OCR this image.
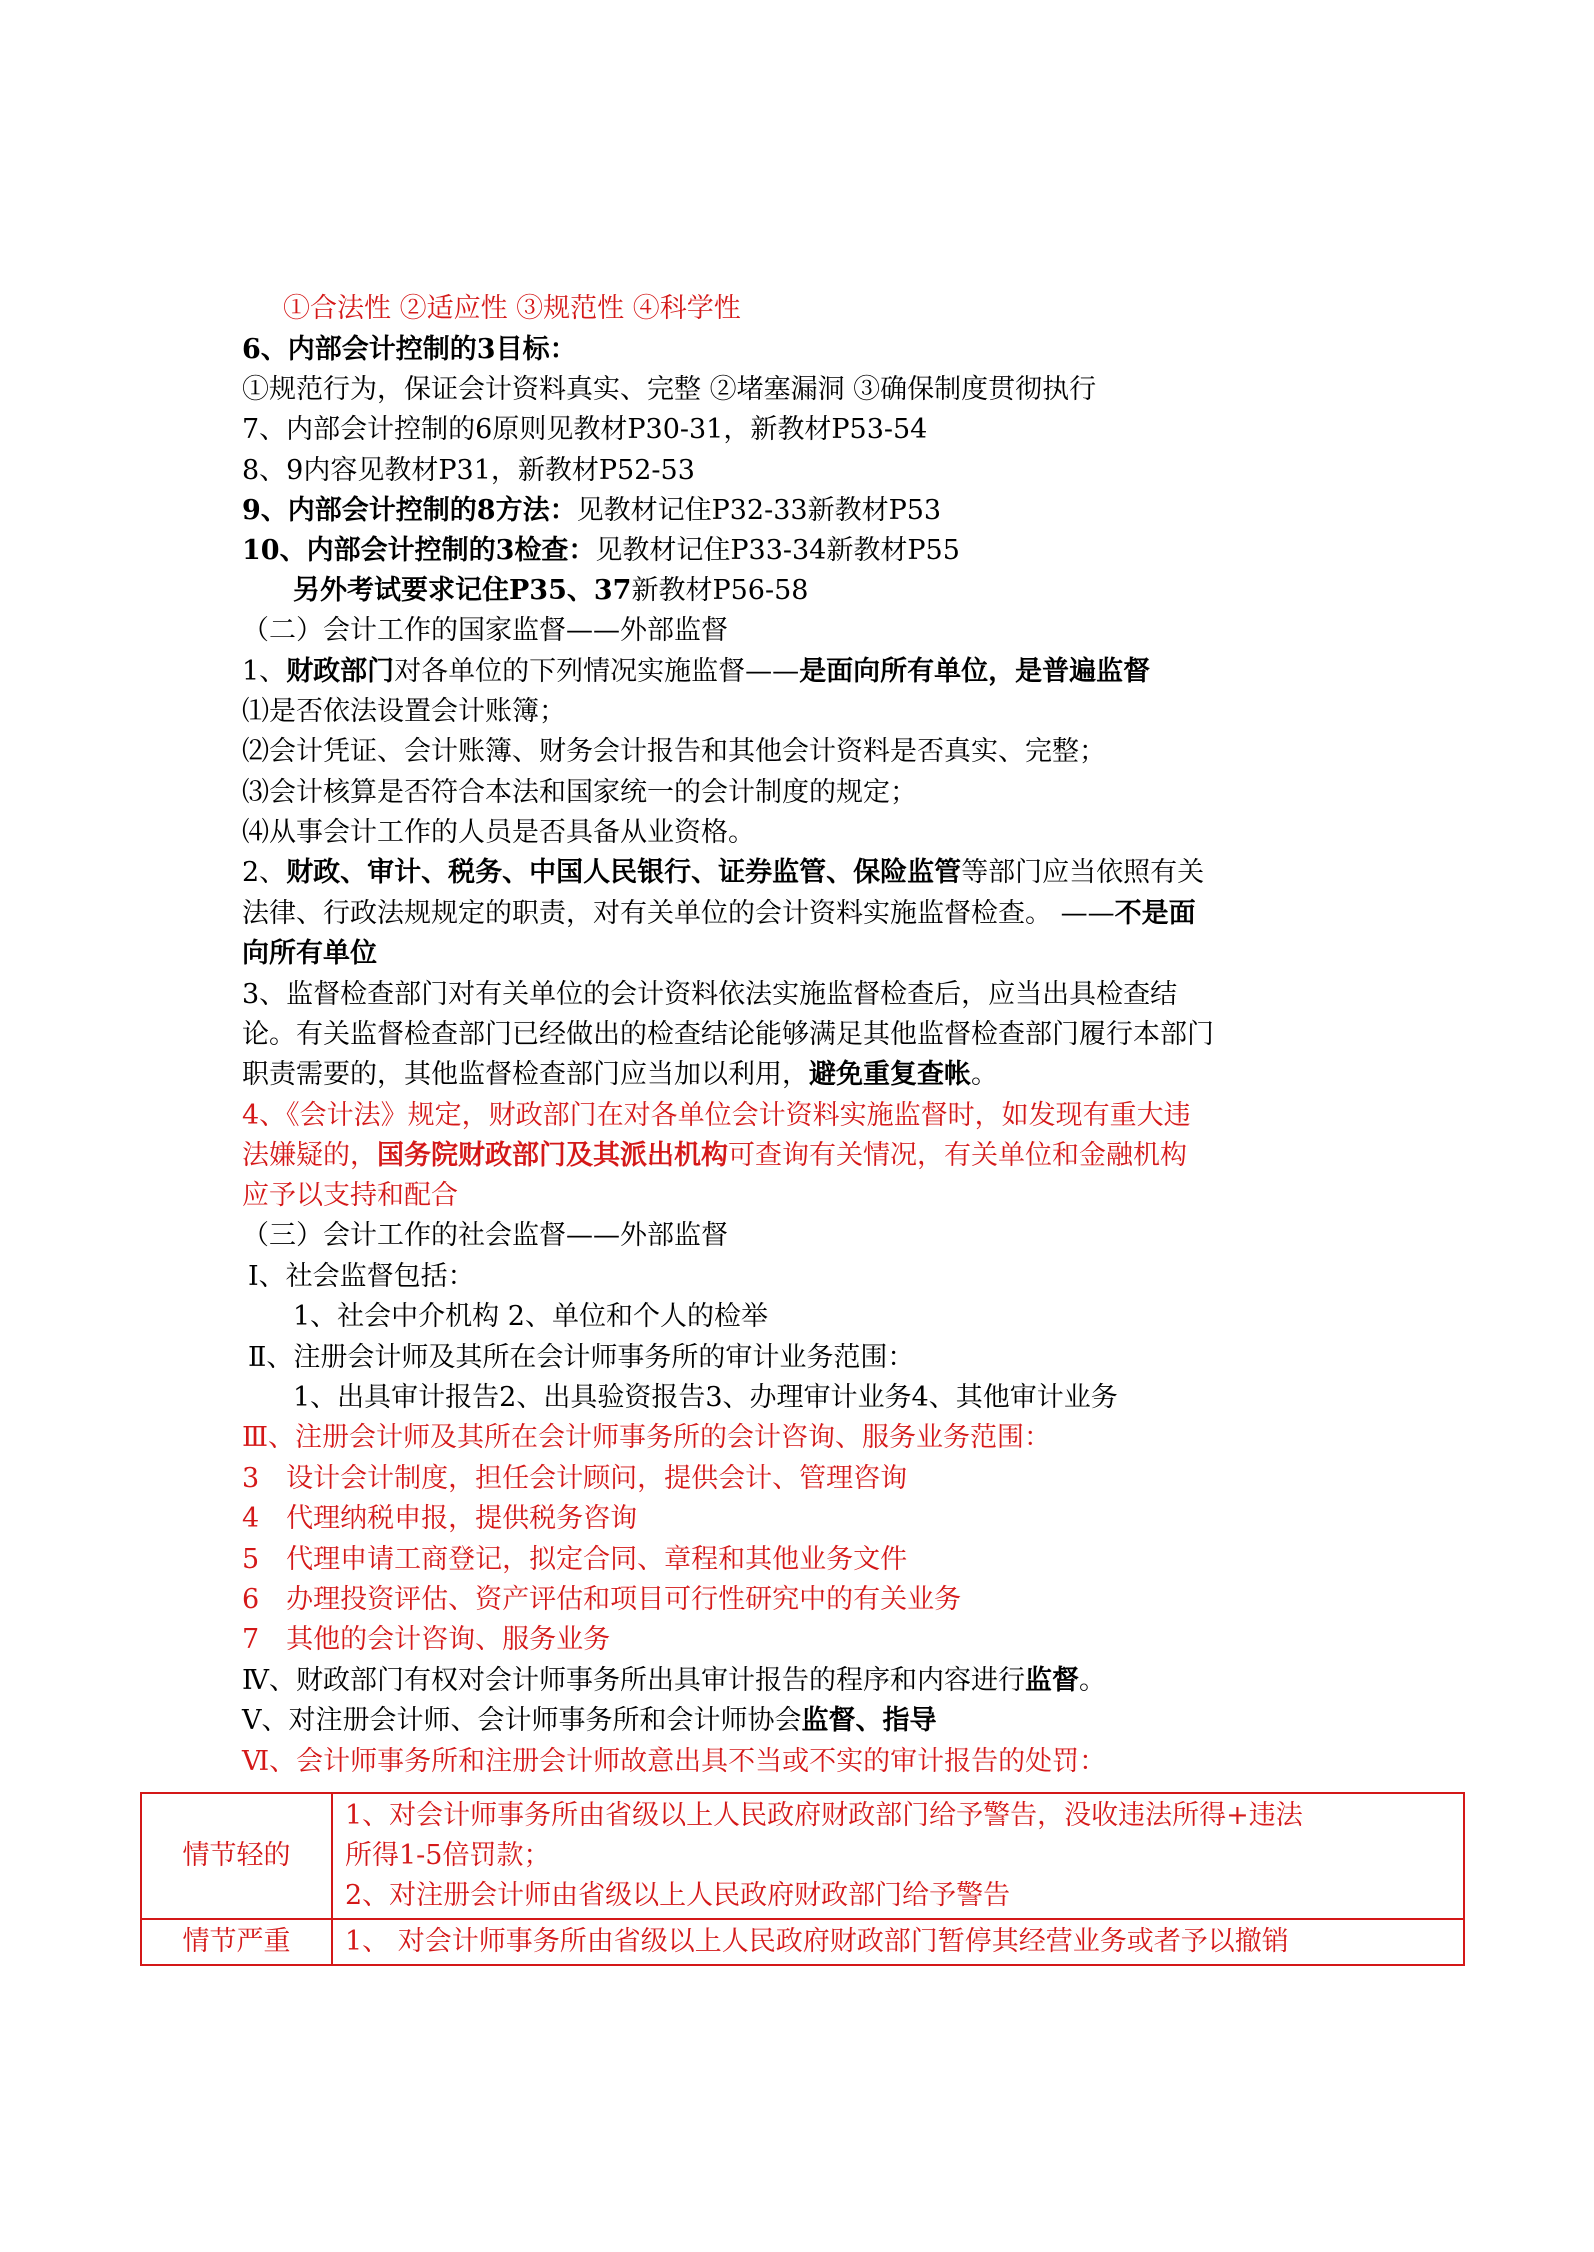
①合法性 ②适应性 ③规范性 ④科学性
6、内部会计控制的3目标：
①规范行为，保证会计资料真实、完整 ②堵塞漏洞 ③确保制度贯彻执行
7、内部会计控制的6原则见教材P30-31，新教材P53-54
8、9内容见教材P31，新教材P52-53
9、内部会计控制的8方法：见教材记住P32-33新教材P53
10、内部会计控制的3检查：见教材记住P33-34新教材P55
另外考试要求记住P35、37新教材P56-58
（二）会计工作的国家监督——外部监督
1、财政部门对各单位的下列情况实施监督——是面向所有单位，是普遍监督
⑴是否依法设置会计账簿；
⑵会计凭证、会计账簿、财务会计报告和其他会计资料是否真实、完整；
⑶会计核算是否符合本法和国家统一的会计制度的规定；
⑷从事会计工作的人员是否具备从业资格。
2、财政、审计、税务、中国人民银行、证券监管、保险监管等部门应当依照有关
法律、行政法规规定的职责，对有关单位的会计资料实施监督检查。 ——不是面
向所有单位
3、监督检查部门对有关单位的会计资料依法实施监督检查后，应当出具检查结
论。有关监督检查部门已经做出的检查结论能够满足其他监督检查部门履行本部门
职责需要的，其他监督检查部门应当加以利用，避免重复查帐。
4、《会计法》规定，财政部门在对各单位会计资料实施监督时，如发现有重大违
法嫌疑的，国务院财政部门及其派出机构可查询有关情况，有关单位和金融机构
应予以支持和配合
（三）会计工作的社会监督——外部监督
Ⅰ、社会监督包括：
1、社会中介机构 2、单位和个人的检举
Ⅱ、注册会计师及其所在会计师事务所的审计业务范围：
1、出具审计报告2、出具验资报告3、办理审计业务4、其他审计业务
Ⅲ、注册会计师及其所在会计师事务所的会计咨询、服务业务范围：
3　设计会计制度，担任会计顾问，提供会计、管理咨询
4　代理纳税申报，提供税务咨询
5　代理申请工商登记，拟定合同、章程和其他业务文件
6　办理投资评估、资产评估和项目可行性研究中的有关业务
7　其他的会计咨询、服务业务
Ⅳ、财政部门有权对会计师事务所出具审计报告的程序和内容进行监督。
Ⅴ、对注册会计师、会计师事务所和会计师协会监督、指导
Ⅵ、会计师事务所和注册会计师故意出具不当或不实的审计报告的处罚：
情节轻的	1、对会计师事务所由省级以上人民政府财政部门给予警告，没收违法所得+违法
所得1-5倍罚款；
2、对注册会计师由省级以上人民政府财政部门给予警告

情节严重	1、 对会计师事务所由省级以上人民政府财政部门暂停其经营业务或者予以撤销
